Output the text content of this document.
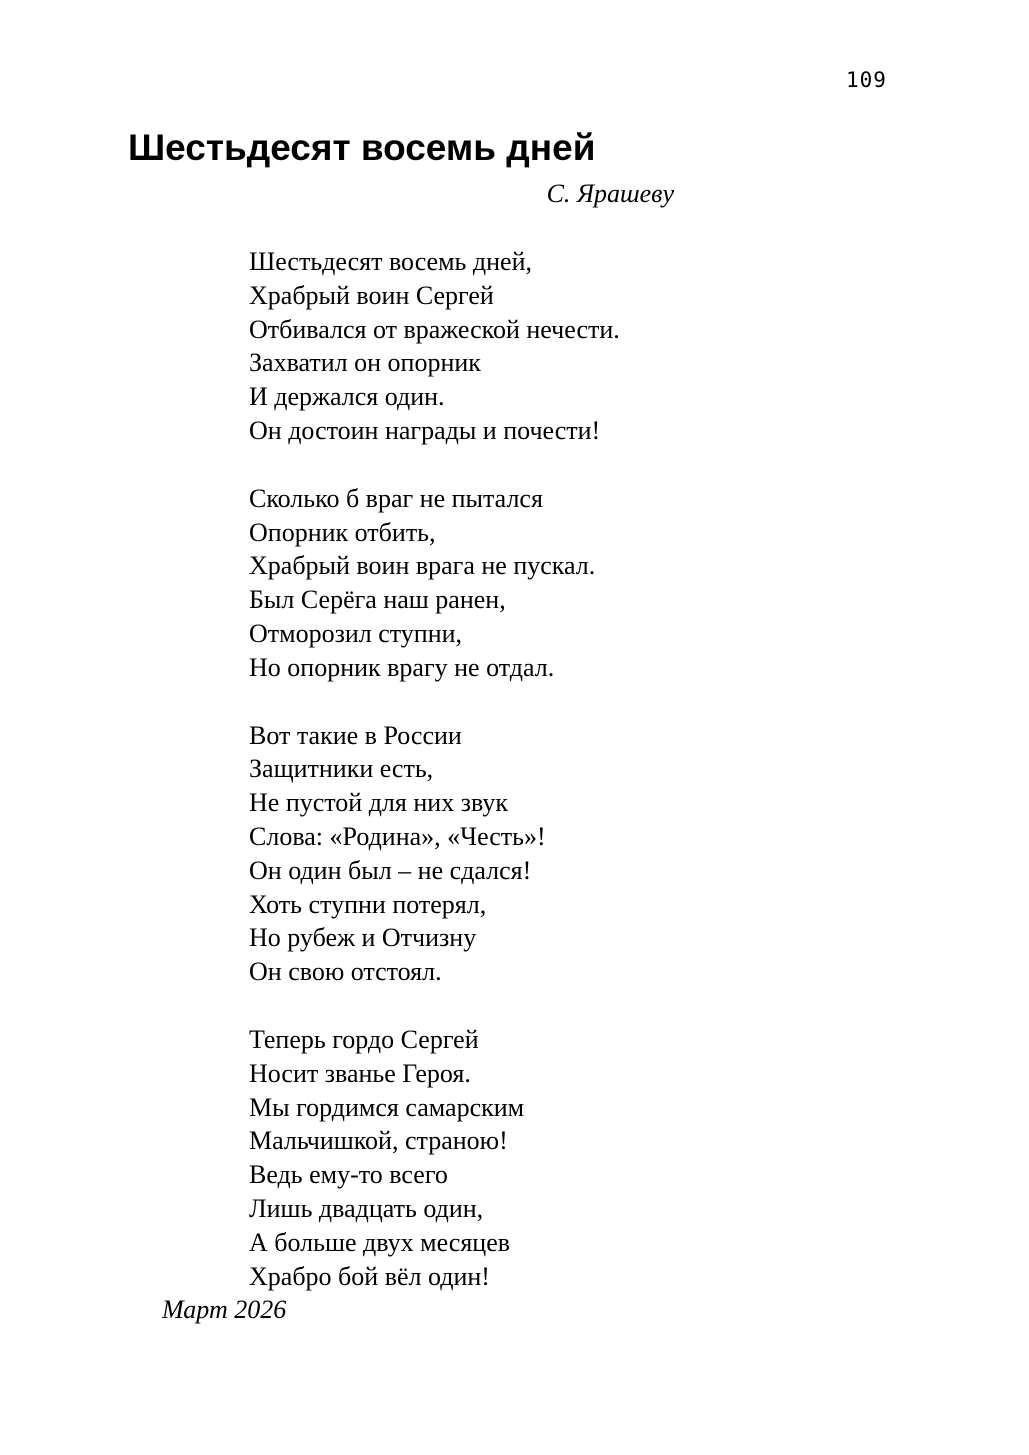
109
Шестьдесят восемь дней
С. Ярашеву
Шестьдесят восемь дней,
Храбрый воин Сергей
Отбивался от вражеской нечести.
Захватил он опорник
И держался один.
Он достоин награды и почести!
Сколько б враг не пытался
Опорник отбить,
Храбрый воин врага не пускал.
Был Серёга наш ранен,
Отморозил ступни,
Но опорник врагу не отдал.
Вот такие в России
Защитники есть,
Не пустой для них звук
Слова: «Родина», «Честь»!
Он один был – не сдался!
Хоть ступни потерял,
Но рубеж и Отчизну
Он свою отстоял.
Теперь гордо Сергей
Носит званье Героя.
Мы гордимся самарским
Мальчишкой, страною!
Ведь ему-то всего
Лишь двадцать один,
А больше двух месяцев
Храбро бой вёл один!
Март 2026
